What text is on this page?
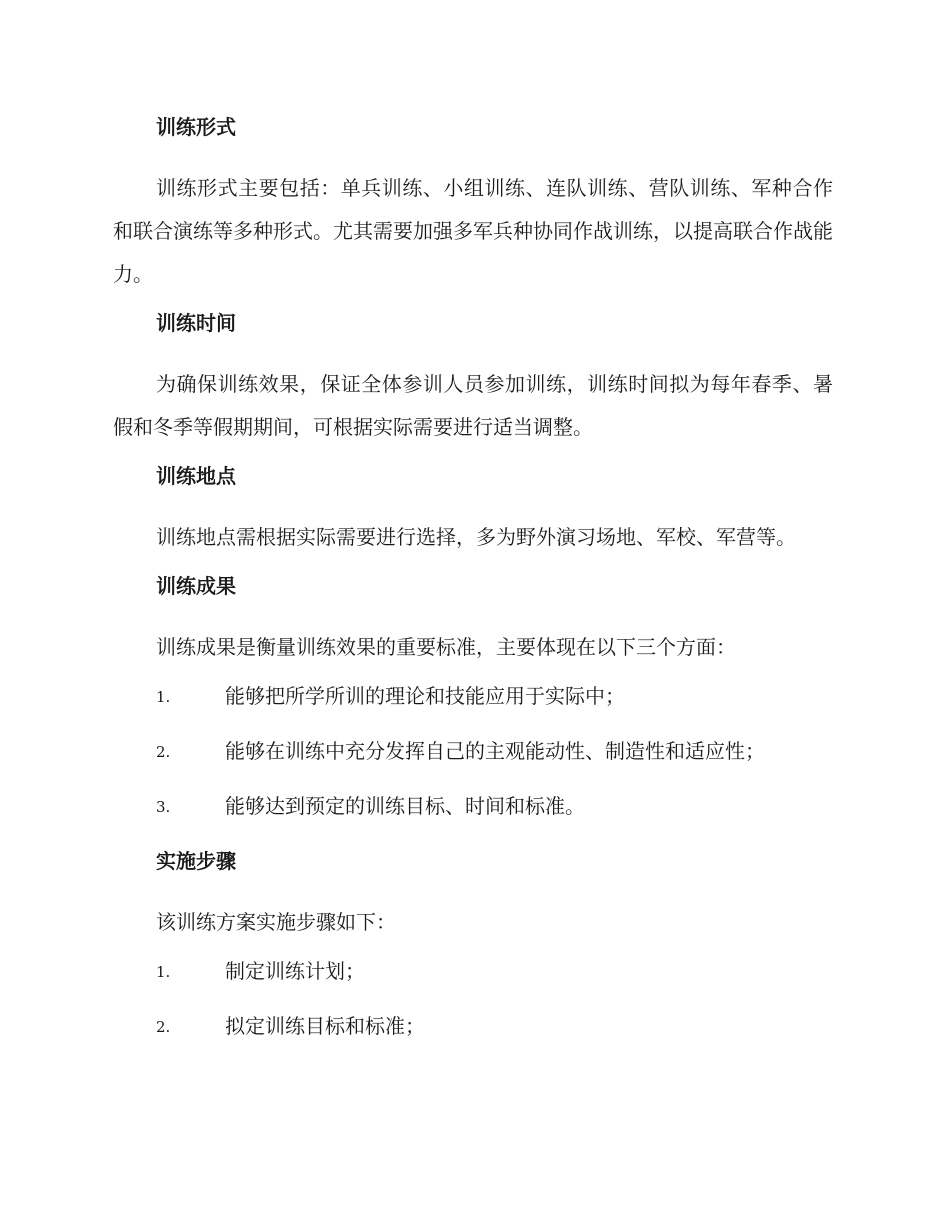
训练形式

训练形式主要包括：单兵训练、小组训练、连队训练、营队训练、军种合作和联合演练等多种形式。尤其需要加强多军兵种协同作战训练，以提高联合作战能力。

训练时间

为确保训练效果，保证全体参训人员参加训练，训练时间拟为每年春季、暑假和冬季等假期期间，可根据实际需要进行适当调整。

训练地点

训练地点需根据实际需要进行选择，多为野外演习场地、军校、军营等。

训练成果

训练成果是衡量训练效果的重要标准，主要体现在以下三个方面：

1.	能够把所学所训的理论和技能应用于实际中；
2.	能够在训练中充分发挥自己的主观能动性、制造性和适应性；
3.	能够达到预定的训练目标、时间和标准。
实施步骤

该训练方案实施步骤如下：

1.	制定训练计划；
2.	拟定训练目标和标准；
